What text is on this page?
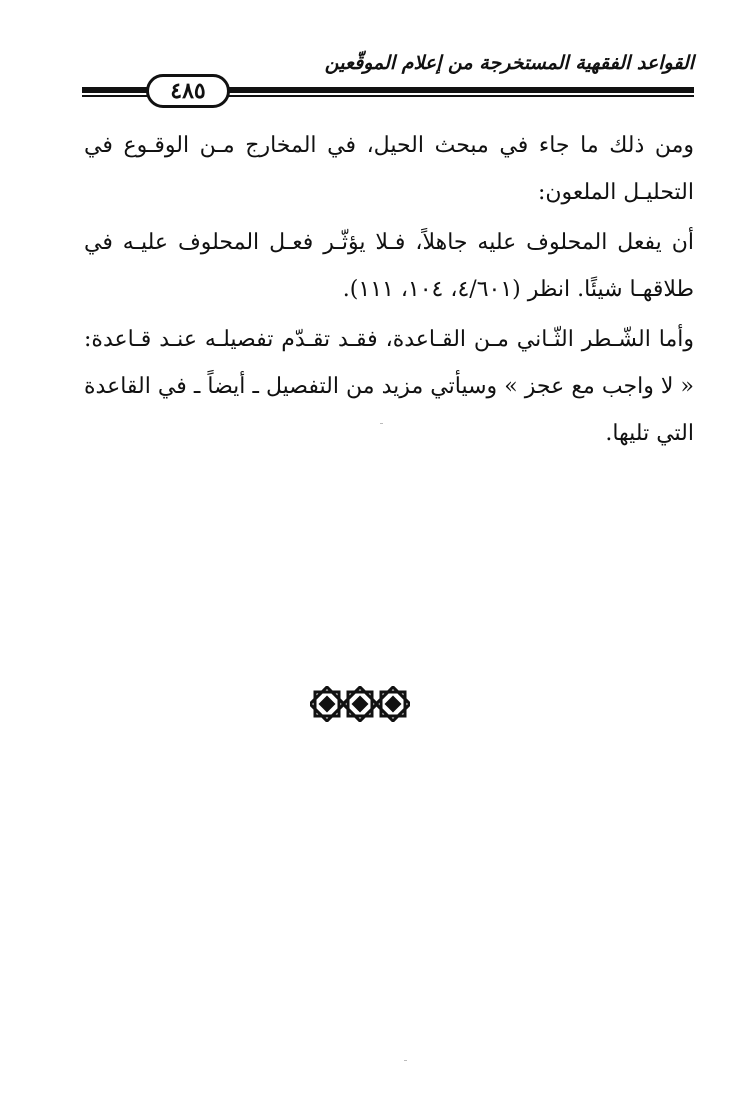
القواعد الفقهية المستخرجة من إعلام الموقّعين
٤٨٥

ومن ذلك ما جاء في مبحث الحيل، في المخارج مـن الوقـوع في التحليـل الملعون:

أن يفعل المحلوف عليه جاهلاً، فـلا يؤثّـر فعـل المحلوف عليـه في طلاقهـا شيئًا. انظر (٤/٦٠١، ١٠٤، ١١١).

وأما الشّـطر الثّـاني مـن القـاعدة، فقـد تقـدّم تفصيلـه عنـد قـاعدة: « لا واجب مع عجز » وسيأتي مزيد من التفصيل ـ أيضاً ـ في القاعدة التي تليها.
